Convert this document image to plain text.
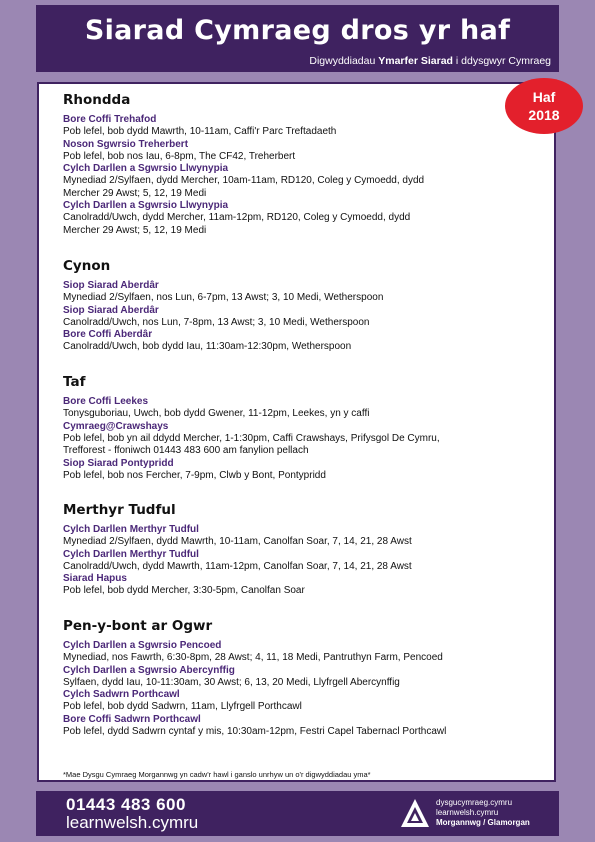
Siarad Cymraeg dros yr haf
Digwyddiadau Ymarfer Siarad i ddysgwyr Cymraeg
Haf
2018
Rhondda
Bore Coffi Trehafod
Pob lefel, bob dydd Mawrth, 10-11am, Caffi'r Parc Treftadaeth
Noson Sgwrsio Treherbert
Pob lefel, bob nos Iau, 6-8pm, The CF42, Treherbert
Cylch Darllen a Sgwrsio Llwynypia
Mynediad 2/Sylfaen, dydd Mercher, 10am-11am, RD120, Coleg y Cymoedd, dydd
Mercher 29 Awst; 5, 12, 19 Medi
Cylch Darllen a Sgwrsio Llwynypia
Canolradd/Uwch, dydd Mercher, 11am-12pm, RD120, Coleg y Cymoedd, dydd
Mercher 29 Awst; 5, 12, 19 Medi
Cynon
Siop Siarad Aberdâr
Mynediad 2/Sylfaen, nos Lun, 6-7pm, 13 Awst; 3, 10 Medi, Wetherspoon
Siop Siarad Aberdâr
Canolradd/Uwch, nos Lun, 7-8pm, 13 Awst; 3, 10 Medi, Wetherspoon
Bore Coffi Aberdâr
Canolradd/Uwch, bob dydd Iau, 11:30am-12:30pm, Wetherspoon
Taf
Bore Coffi Leekes
Tonysguboriau, Uwch, bob dydd Gwener, 11-12pm, Leekes, yn y caffi
Cymraeg@Crawshays
Pob lefel, bob yn ail ddydd Mercher, 1-1:30pm, Caffi Crawshays, Prifysgol De Cymru,
Trefforest - ffoniwch 01443 483 600 am fanylion pellach
Siop Siarad Pontypridd
Pob lefel, bob nos Fercher, 7-9pm, Clwb y Bont, Pontypridd
Merthyr Tudful
Cylch Darllen Merthyr Tudful
Mynediad 2/Sylfaen, dydd Mawrth, 10-11am, Canolfan Soar, 7, 14, 21, 28 Awst
Cylch Darllen Merthyr Tudful
Canolradd/Uwch, dydd Mawrth, 11am-12pm, Canolfan Soar, 7, 14, 21, 28 Awst
Siarad Hapus
Pob lefel, bob dydd Mercher, 3:30-5pm, Canolfan Soar
Pen-y-bont ar Ogwr
Cylch Darllen a Sgwrsio Pencoed
Mynediad, nos Fawrth, 6:30-8pm, 28 Awst; 4, 11, 18 Medi, Pantruthyn Farm, Pencoed
Cylch Darllen a Sgwrsio Abercynffig
Sylfaen, dydd Iau, 10-11:30am, 30 Awst; 6, 13, 20 Medi, Llyfrgell Abercynffig
Cylch Sadwrn Porthcawl
Pob lefel, bob dydd Sadwrn, 11am, Llyfrgell Porthcawl
Bore Coffi Sadwrn Porthcawl
Pob lefel, dydd Sadwrn cyntaf y mis, 10:30am-12pm, Festri Capel Tabernacl Porthcawl
*Mae Dysgu Cymraeg Morgannwg yn cadw'r hawl i ganslo unrhyw un o'r digwyddiadau yma*
01443 483 600
learnwelsh.cymru
dysgucymraeg.cymru
learnwelsh.cymru
Morgannwg / Glamorgan
